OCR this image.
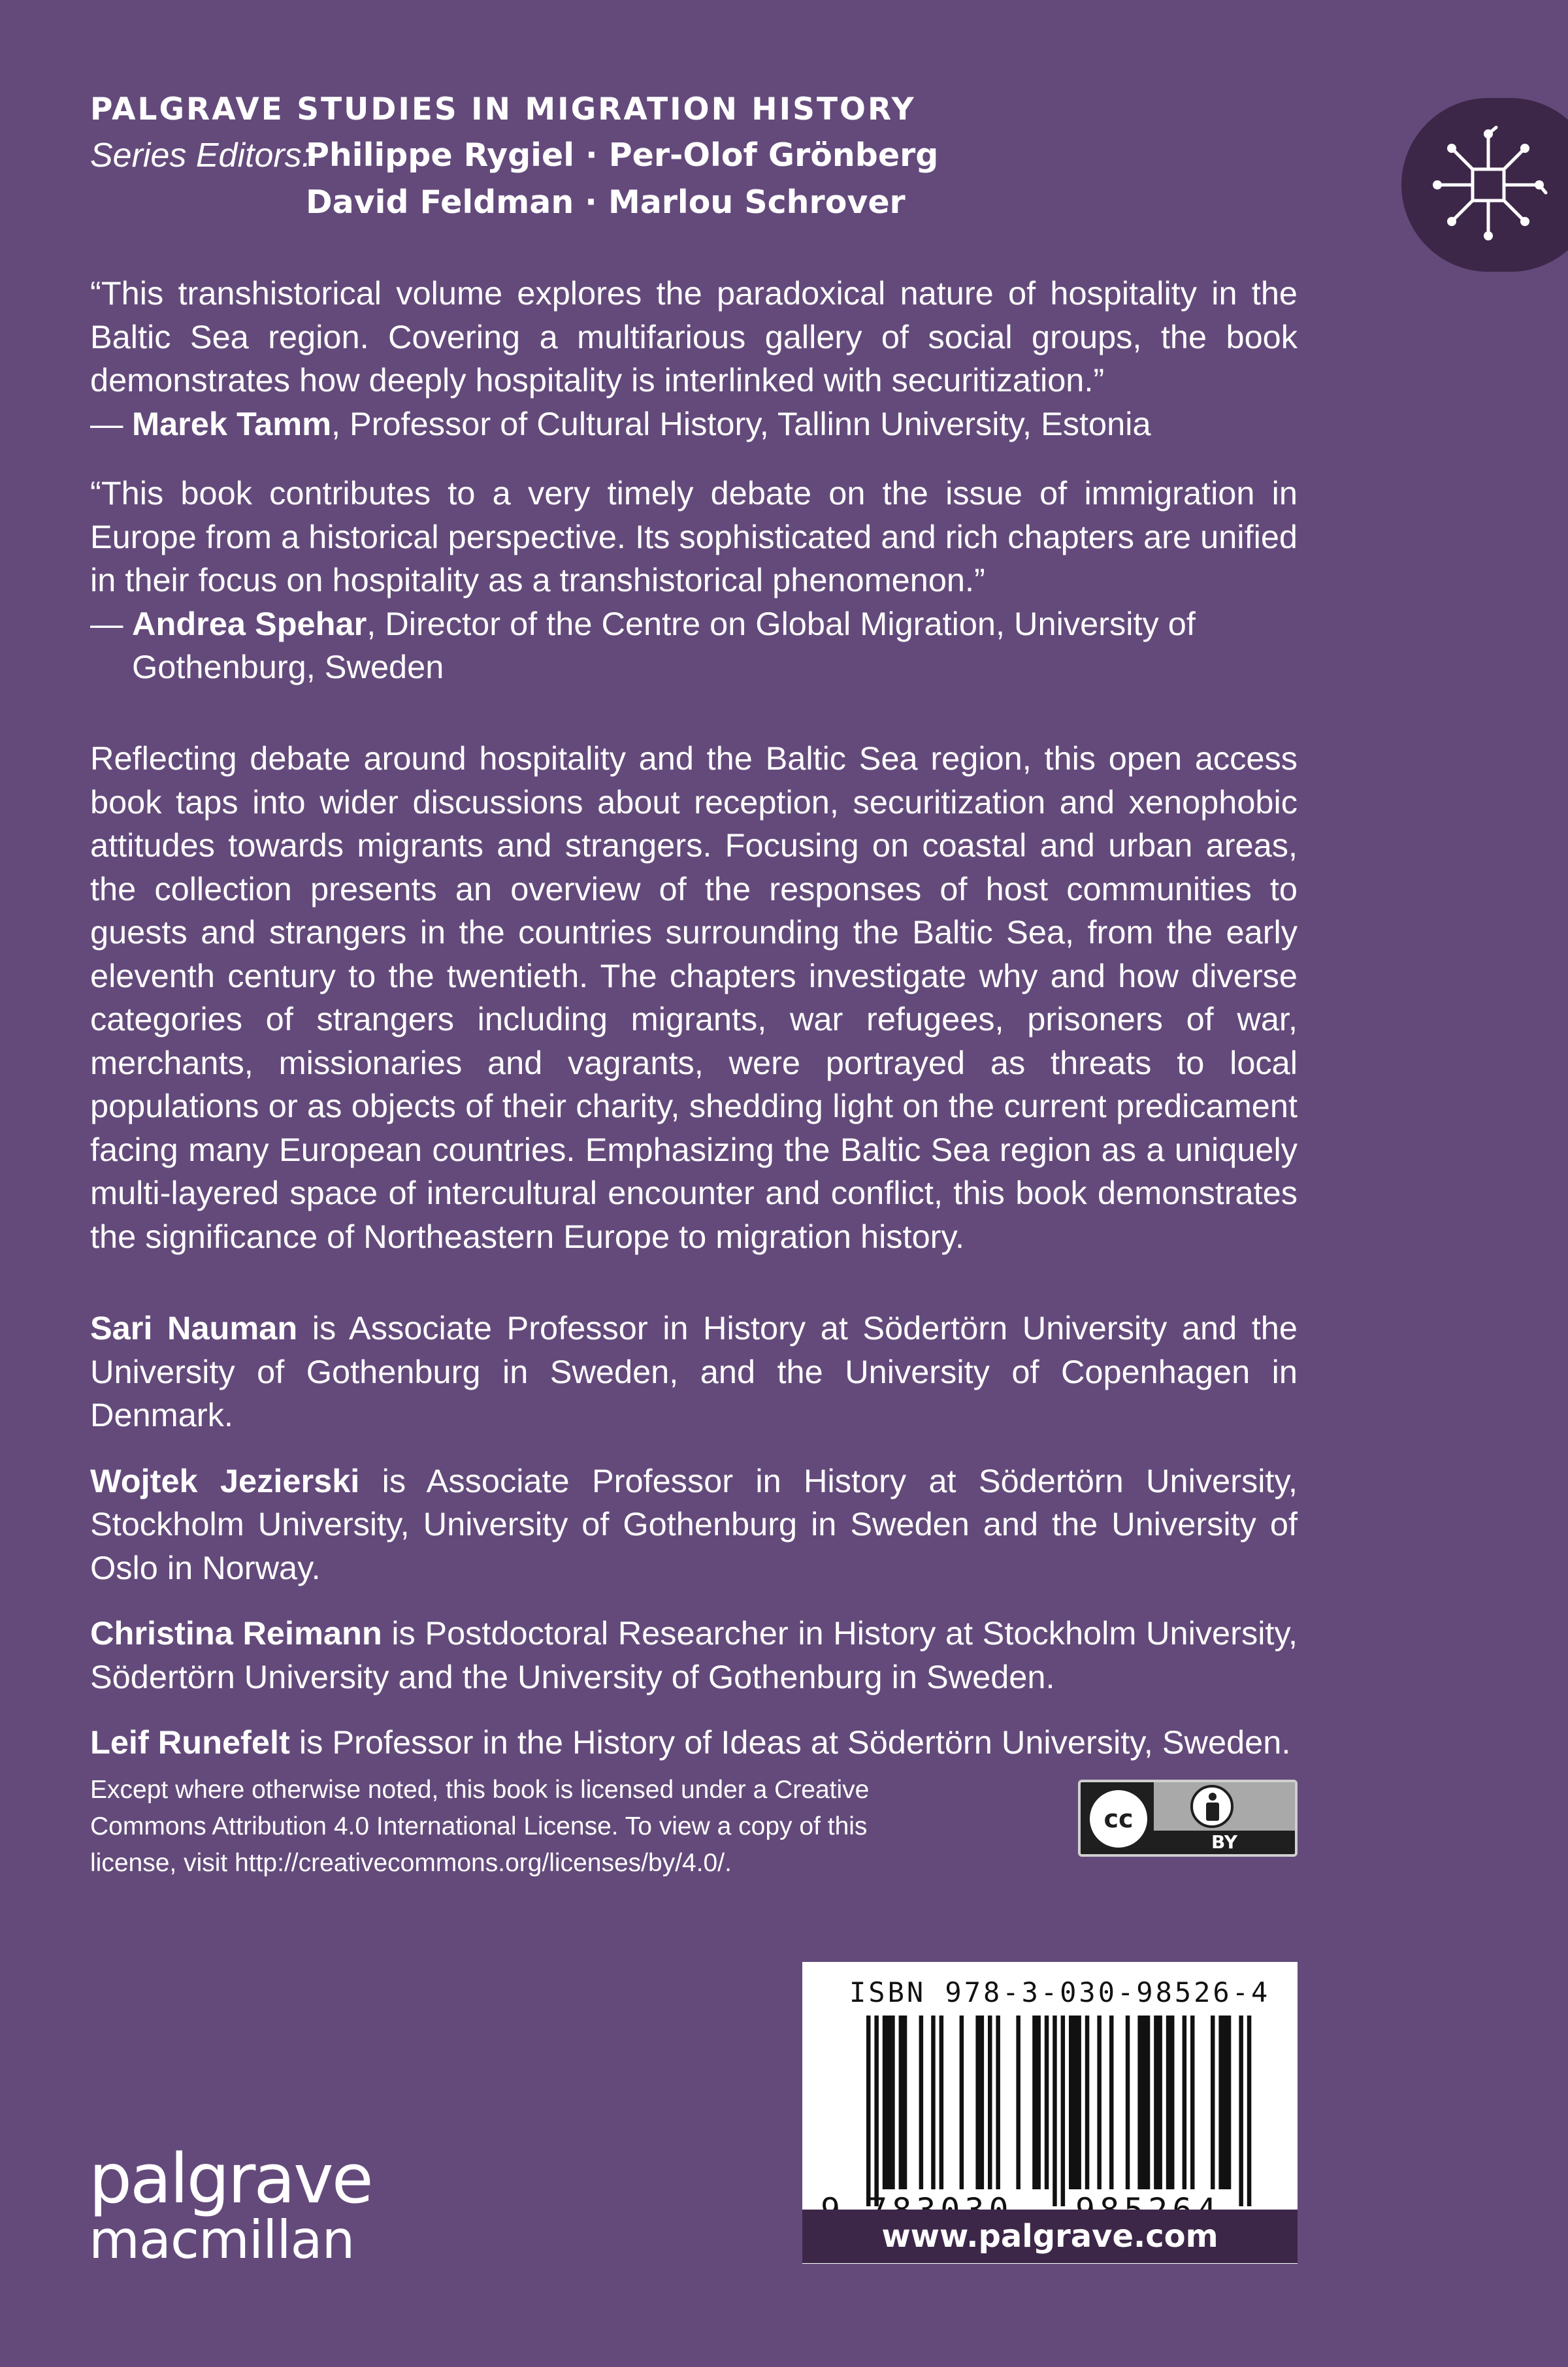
PALGRAVE STUDIES IN MIGRATION HISTORY
Series Editors:
Philippe Rygiel · Per-Olof Grönberg
David Feldman · Marlou Schrover

“This transhistorical volume explores the paradoxical nature of hospitality in the Baltic Sea region. Covering a multifarious gallery of social groups, the book demonstrates how deeply hospitality is interlinked with securitization.”

— Marek Tamm, Professor of Cultural History, Tallinn University, Estonia

“This book contributes to a very timely debate on the issue of immigration in Europe from a historical perspective. Its sophisticated and rich chapters are unified in their focus on hospitality as a transhistorical phenomenon.”

— Andrea Spehar, Director of the Centre on Global Migration, University of Gothenburg, Sweden

Reflecting debate around hospitality and the Baltic Sea region, this open access book taps into wider discussions about reception, securitization and xenophobic attitudes towards migrants and strangers. Focusing on coastal and urban areas, the collection presents an overview of the responses of host communities to guests and strangers in the countries surrounding the Baltic Sea, from the early eleventh century to the twentieth. The chapters investigate why and how diverse categories of strangers including migrants, war refugees, prisoners of war, merchants, missionaries and vagrants, were portrayed as threats to local populations or as objects of their charity, shedding light on the current predicament facing many European countries. Emphasizing the Baltic Sea region as a uniquely multi-layered space of intercultural encounter and conflict, this book demonstrates the significance of Northeastern Europe to migration history.

Sari Nauman is Associate Professor in History at Södertörn University and the University of Gothenburg in Sweden, and the University of Copenhagen in Denmark.

Wojtek Jezierski is Associate Professor in History at Södertörn University, Stockholm University, University of Gothenburg in Sweden and the University of Oslo in Norway.

Christina Reimann is Postdoctoral Researcher in History at Stockholm University, Södertörn University and the University of Gothenburg in Sweden.

Leif Runefelt is Professor in the History of Ideas at Södertörn University, Sweden.

Except where otherwise noted, this book is licensed under a Creative Commons Attribution 4.0 International License. To view a copy of this license, visit http://creativecommons.org/licenses/by/4.0/.
cc
BY
palgrave
macmillan
ISBN 978-3-030-98526-4
www.palgrave.com
